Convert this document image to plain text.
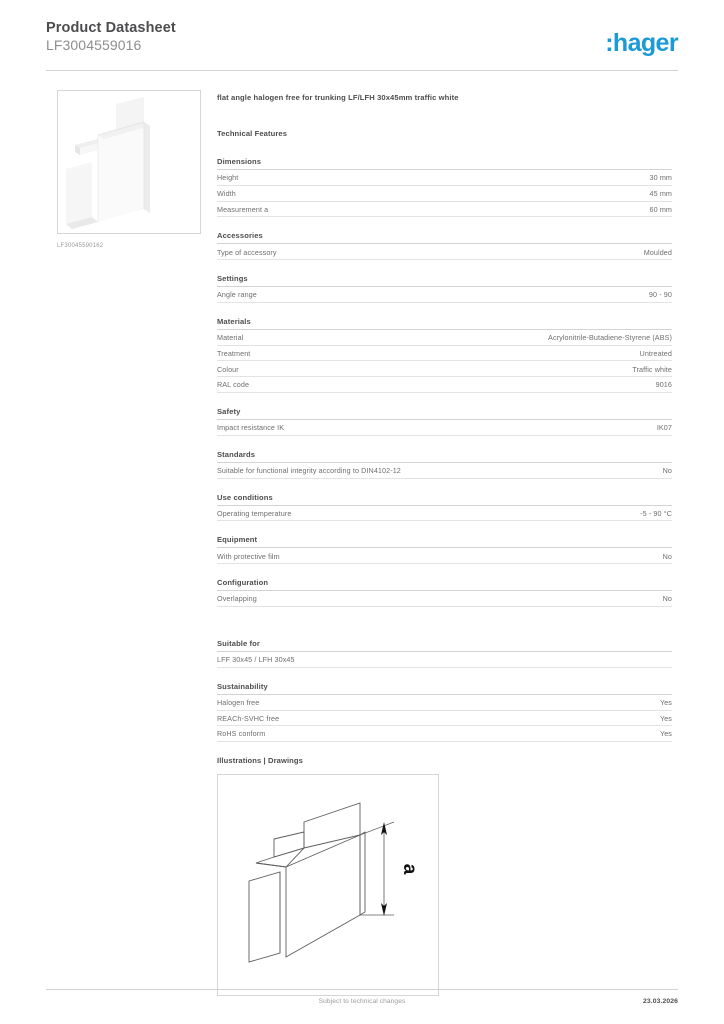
Product Datasheet
LF3004559016	:hager
LF30045590162
flat angle halogen free for trunking LF/LFH 30x45mm traffic white
Technical Features
Dimensions
Height	30 mm
Width	45 mm
Measurement a	60 mm
Accessories
Type of accessory	Moulded
Settings
Angle range	90 - 90
Materials
Material	Acrylonitrile-Butadiene-Styrene (ABS)
Treatment	Untreated
Colour	Traffic white
RAL code	9016
Safety
Impact resistance IK	IK07
Standards
Suitable for functional integrity according to DIN4102-12	No
Use conditions
Operating temperature	-5 - 90 °C
Equipment
With protective film	No
Configuration
Overlapping	No
Suitable for
LFF 30x45 / LFH 30x45
Sustainability
Halogen free	Yes
REACh-SVHC free	Yes
RoHS conform	Yes
Illustrations | Drawings
a
Subject to technical changes	23.03.2026
